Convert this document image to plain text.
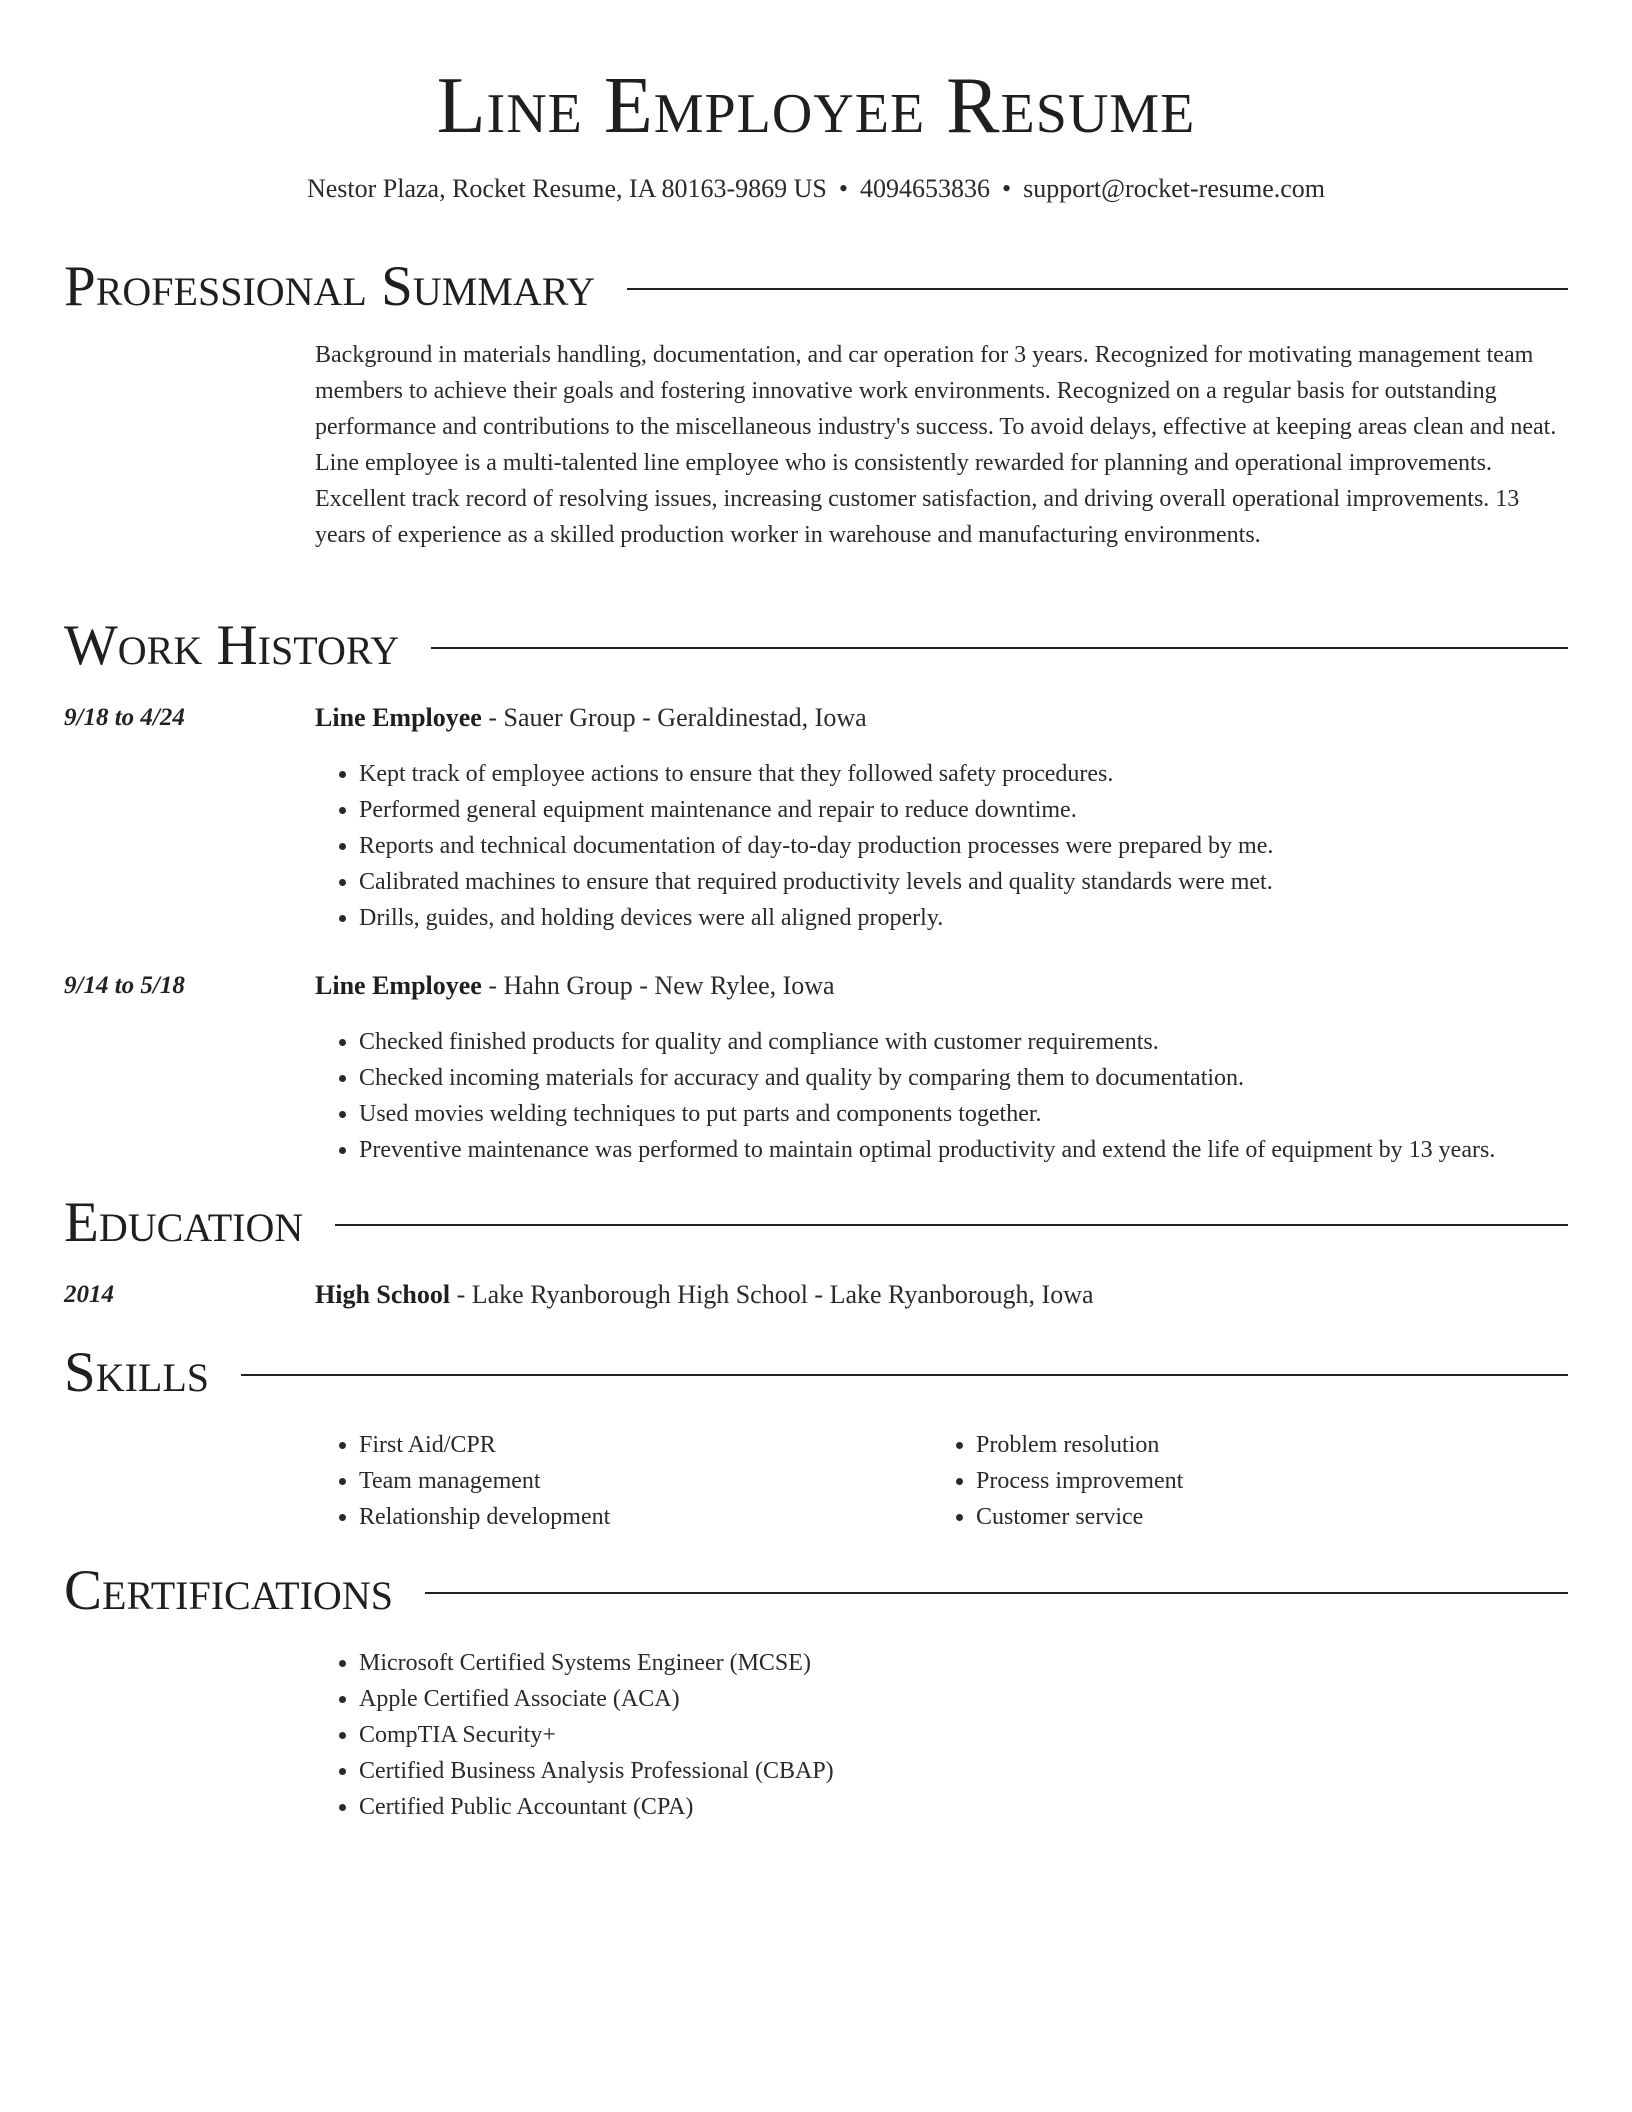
Line Employee Resume
Nestor Plaza, Rocket Resume, IA 80163-9869 US • 4094653836 • support@rocket-resume.com
Professional Summary
Background in materials handling, documentation, and car operation for 3 years. Recognized for motivating management team members to achieve their goals and fostering innovative work environments. Recognized on a regular basis for outstanding performance and contributions to the miscellaneous industry's success. To avoid delays, effective at keeping areas clean and neat. Line employee is a multi-talented line employee who is consistently rewarded for planning and operational improvements. Excellent track record of resolving issues, increasing customer satisfaction, and driving overall operational improvements. 13 years of experience as a skilled production worker in warehouse and manufacturing environments.
Work History
9/18 to 4/24	Line Employee - Sauer Group - Geraldinestad, Iowa
• Kept track of employee actions to ensure that they followed safety procedures.
• Performed general equipment maintenance and repair to reduce downtime.
• Reports and technical documentation of day-to-day production processes were prepared by me.
• Calibrated machines to ensure that required productivity levels and quality standards were met.
• Drills, guides, and holding devices were all aligned properly.
9/14 to 5/18	Line Employee - Hahn Group - New Rylee, Iowa
• Checked finished products for quality and compliance with customer requirements.
• Checked incoming materials for accuracy and quality by comparing them to documentation.
• Used movies welding techniques to put parts and components together.
• Preventive maintenance was performed to maintain optimal productivity and extend the life of equipment by 13 years.
Education
2014	High School - Lake Ryanborough High School - Lake Ryanborough, Iowa
Skills
• First Aid/CPR
• Team management
• Relationship development
• Problem resolution
• Process improvement
• Customer service
Certifications
• Microsoft Certified Systems Engineer (MCSE)
• Apple Certified Associate (ACA)
• CompTIA Security+
• Certified Business Analysis Professional (CBAP)
• Certified Public Accountant (CPA)
